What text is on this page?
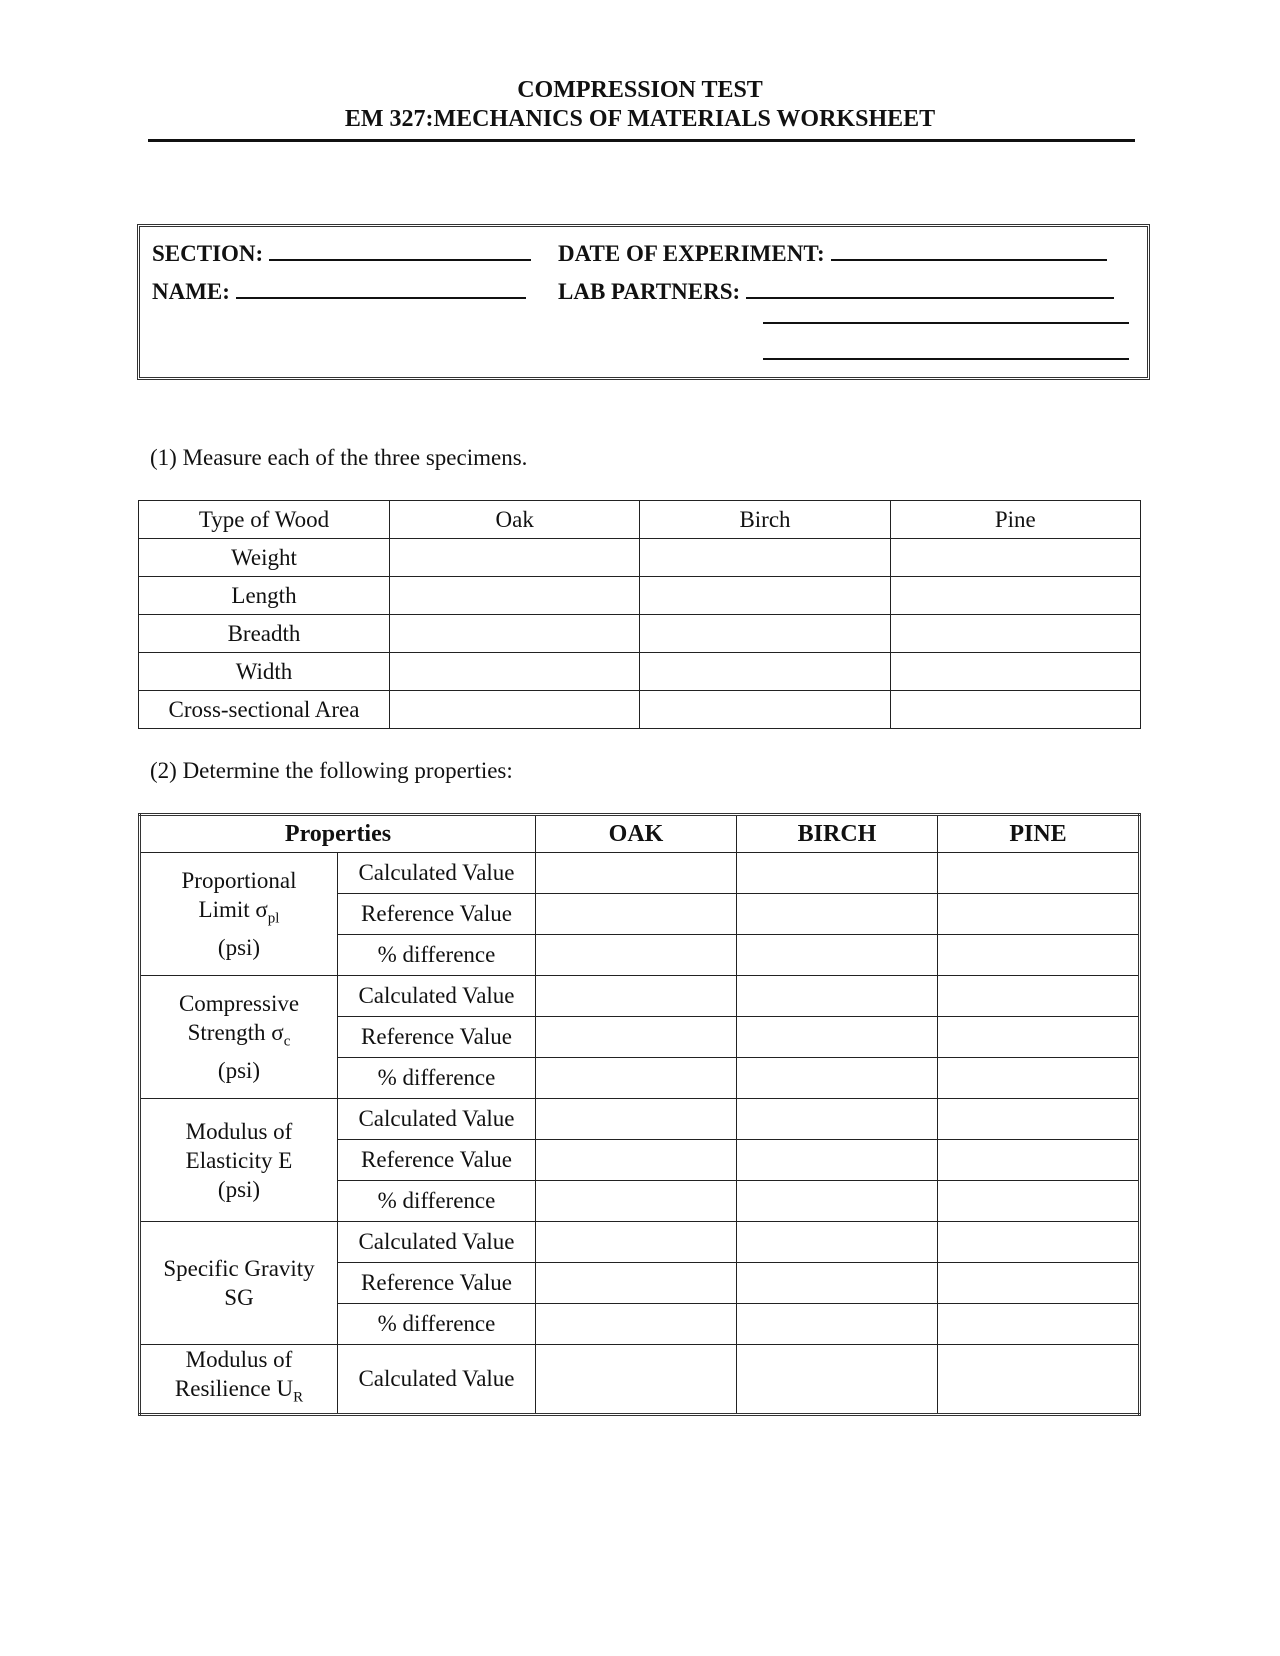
COMPRESSION TEST
EM 327:MECHANICS OF MATERIALS WORKSHEET
SECTION:	DATE OF EXPERIMENT:
NAME:	LAB PARTNERS:
(1) Measure each of the three specimens.
Type of Wood	Oak	Birch	Pine
Weight			
Length			
Breadth			
Width			
Cross-sectional Area			
(2) Determine the following properties:
Properties		OAK	BIRCH	PINE

Proportional
Limit $\sigma_{pl}$
(psi)	Calculated Value			
	Reference Value			
	% difference			

Compressive
Strength $\sigma_c$
(psi)	Calculated Value			
	Reference Value			
	% difference			

Modulus of
Elasticity E
(psi)	Calculated Value			
	Reference Value			
	% difference			

Specific Gravity
SG	Calculated Value			
	Reference Value			
	% difference			

Modulus of
Resilience $U_R$	Calculated Value			
